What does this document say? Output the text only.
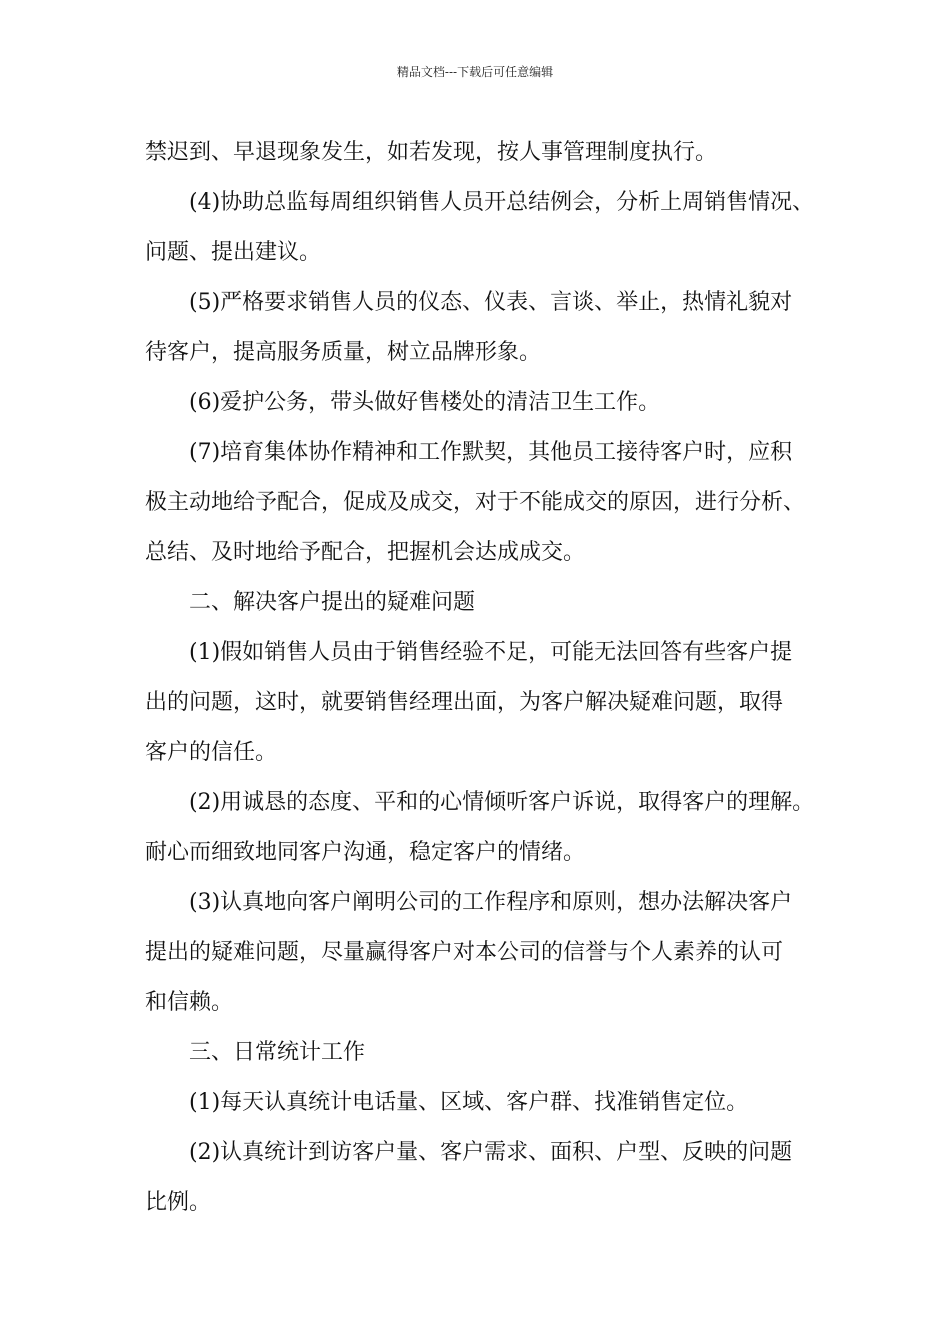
精品文档---下载后可任意编辑
禁迟到、早退现象发生，如若发现，按人事管理制度执行。
(4)协助总监每周组织销售人员开总结例会，分析上周销售情况、
问题、提出建议。
(5)严格要求销售人员的仪态、仪表、言谈、举止，热情礼貌对
待客户，提高服务质量，树立品牌形象。
(6)爱护公务，带头做好售楼处的清洁卫生工作。
(7)培育集体协作精神和工作默契，其他员工接待客户时，应积
极主动地给予配合，促成及成交，对于不能成交的原因，进行分析、
总结、及时地给予配合，把握机会达成成交。
二、解决客户提出的疑难问题
(1)假如销售人员由于销售经验不足，可能无法回答有些客户提
出的问题，这时，就要销售经理出面，为客户解决疑难问题，取得
客户的信任。
(2)用诚恳的态度、平和的心情倾听客户诉说，取得客户的理解。
耐心而细致地同客户沟通，稳定客户的情绪。
(3)认真地向客户阐明公司的工作程序和原则，想办法解决客户
提出的疑难问题，尽量赢得客户对本公司的信誉与个人素养的认可
和信赖。
三、日常统计工作
(1)每天认真统计电话量、区域、客户群、找准销售定位。
(2)认真统计到访客户量、客户需求、面积、户型、反映的问题
比例。
